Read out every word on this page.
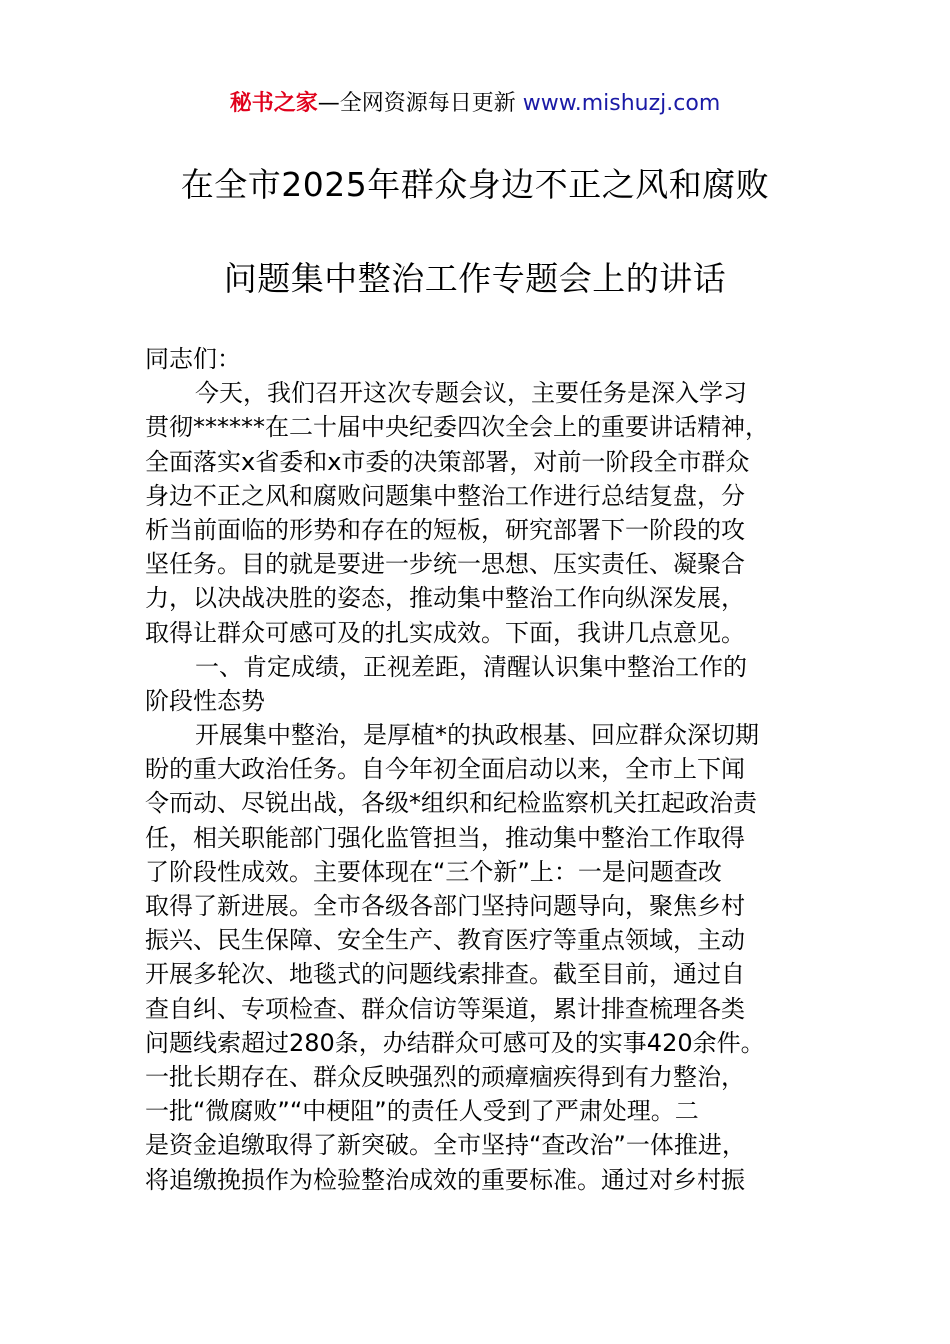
秘书之家—全网资源每日更新 www.mishuzj.com
在全市2025年群众身边不正之风和腐败
问题集中整治工作专题会上的讲话
同志们：
今天，我们召开这次专题会议，主要任务是深入学习
贯彻******在二十届中央纪委四次全会上的重要讲话精神，
全面落实x省委和x市委的决策部署，对前一阶段全市群众
身边不正之风和腐败问题集中整治工作进行总结复盘，分
析当前面临的形势和存在的短板，研究部署下一阶段的攻
坚任务。目的就是要进一步统一思想、压实责任、凝聚合
力，以决战决胜的姿态，推动集中整治工作向纵深发展，
取得让群众可感可及的扎实成效。下面，我讲几点意见。
一、肯定成绩，正视差距，清醒认识集中整治工作的
阶段性态势
开展集中整治，是厚植*的执政根基、回应群众深切期
盼的重大政治任务。自今年初全面启动以来，全市上下闻
令而动、尽锐出战，各级*组织和纪检监察机关扛起政治责
任，相关职能部门强化监管担当，推动集中整治工作取得
了阶段性成效。主要体现在“三个新”上：一是问题查改
取得了新进展。全市各级各部门坚持问题导向，聚焦乡村
振兴、民生保障、安全生产、教育医疗等重点领域，主动
开展多轮次、地毯式的问题线索排查。截至目前，通过自
查自纠、专项检查、群众信访等渠道，累计排查梳理各类
问题线索超过280条，办结群众可感可及的实事420余件。
一批长期存在、群众反映强烈的顽瘴痼疾得到有力整治，
一批“微腐败”“中梗阻”的责任人受到了严肃处理。二
是资金追缴取得了新突破。全市坚持“查改治”一体推进，
将追缴挽损作为检验整治成效的重要标准。通过对乡村振
